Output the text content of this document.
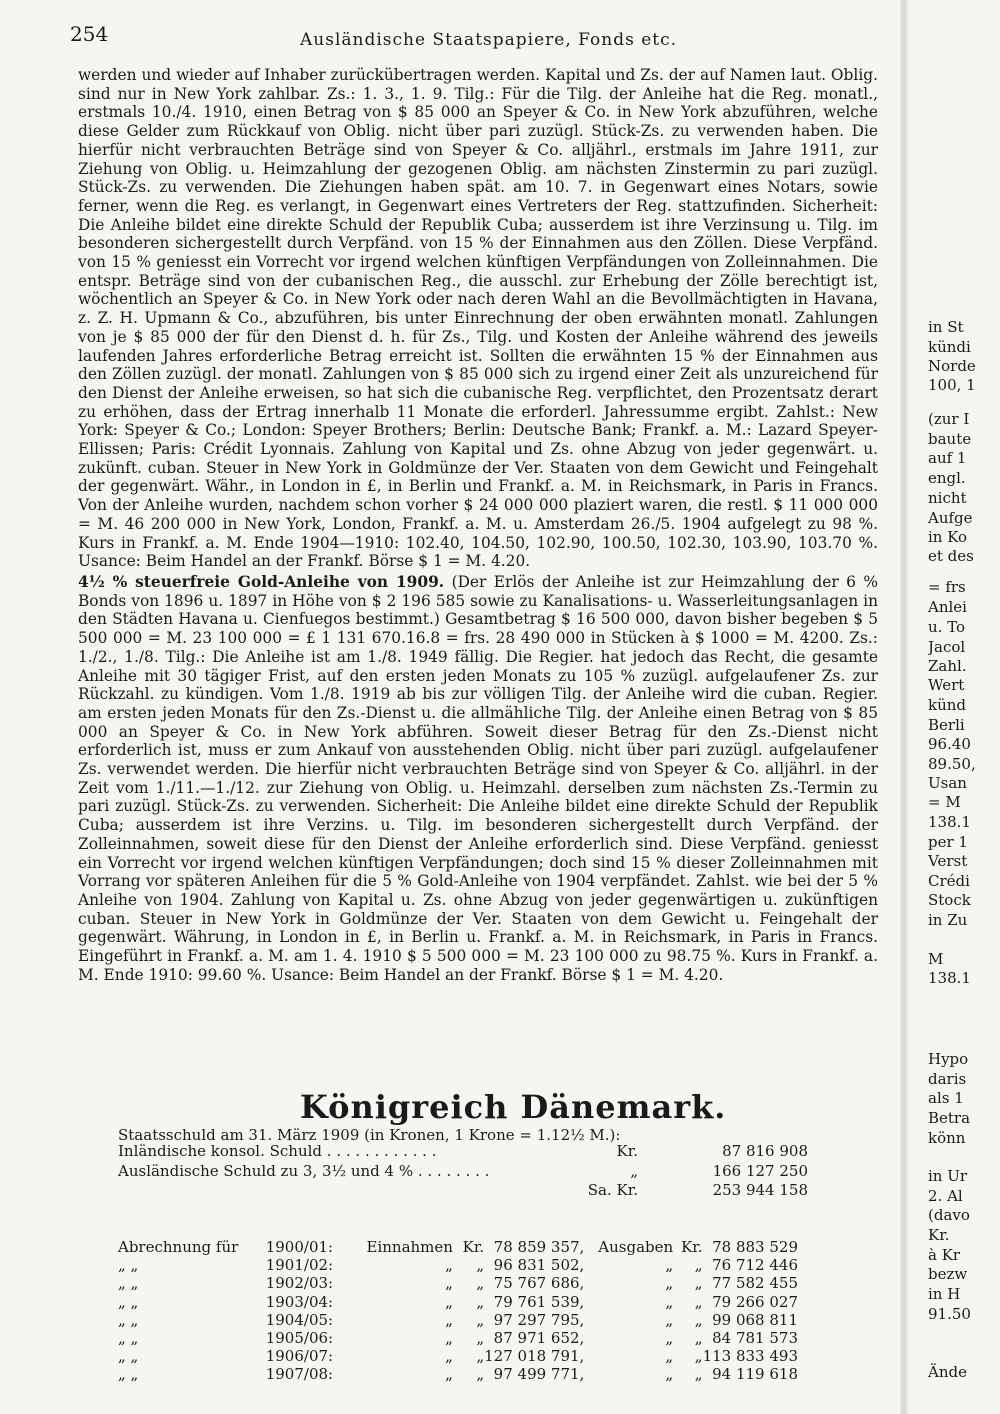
254	Ausländische Staatspapiere, Fonds etc.

werden und wieder auf Inhaber zurückübertragen werden. Kapital und Zs. der auf Namen laut. Oblig. sind nur in New York zahlbar. Zs.: 1. 3., 1. 9. Tilg.: Für die Tilg. der Anleihe hat die Reg. monatl., erstmals 10./4. 1910, einen Betrag von $ 85 000 an Speyer & Co. in New York abzuführen, welche diese Gelder zum Rückkauf von Oblig. nicht über pari zuzügl. Stück-Zs. zu verwenden haben. Die hierfür nicht verbrauchten Beträge sind von Speyer & Co. alljährl., erstmals im Jahre 1911, zur Ziehung von Oblig. u. Heimzahlung der gezogenen Oblig. am nächsten Zinstermin zu pari zuzügl. Stück-Zs. zu verwenden. Die Ziehungen haben spät. am 10. 7. in Gegenwart eines Notars, sowie ferner, wenn die Reg. es verlangt, in Gegenwart eines Vertreters der Reg. stattzufinden. Sicherheit: Die Anleihe bildet eine direkte Schuld der Republik Cuba; ausserdem ist ihre Verzinsung u. Tilg. im besonderen sichergestellt durch Verpfänd. von 15 % der Einnahmen aus den Zöllen. Diese Verpfänd. von 15 % geniesst ein Vorrecht vor irgend welchen künftigen Verpfändungen von Zolleinnahmen. Die entspr. Beträge sind von der cubanischen Reg., die ausschl. zur Erhebung der Zölle berechtigt ist, wöchentlich an Speyer & Co. in New York oder nach deren Wahl an die Bevollmächtigten in Havana, z. Z. H. Upmann & Co., abzuführen, bis unter Einrechnung der oben erwähnten monatl. Zahlungen von je $ 85 000 der für den Dienst d. h. für Zs., Tilg. und Kosten der Anleihe während des jeweils laufenden Jahres erforderliche Betrag erreicht ist. Sollten die erwähnten 15 % der Einnahmen aus den Zöllen zuzügl. der monatl. Zahlungen von $ 85 000 sich zu irgend einer Zeit als unzureichend für den Dienst der Anleihe erweisen, so hat sich die cubanische Reg. verpflichtet, den Prozentsatz derart zu erhöhen, dass der Ertrag innerhalb 11 Monate die erforderl. Jahressumme ergibt. Zahlst.: New York: Speyer & Co.; London: Speyer Brothers; Berlin: Deutsche Bank; Frankf. a. M.: Lazard Speyer-Ellissen; Paris: Crédit Lyonnais. Zahlung von Kapital und Zs. ohne Abzug von jeder gegenwärt. u. zukünft. cuban. Steuer in New York in Goldmünze der Ver. Staaten von dem Gewicht und Feingehalt der gegenwärt. Währ., in London in £, in Berlin und Frankf. a. M. in Reichsmark, in Paris in Francs. Von der Anleihe wurden, nachdem schon vorher $ 24 000 000 plaziert waren, die restl. $ 11 000 000 = M. 46 200 000 in New York, London, Frankf. a. M. u. Amsterdam 26./5. 1904 aufgelegt zu 98 %. Kurs in Frankf. a. M. Ende 1904—1910: 102.40, 104.50, 102.90, 100.50, 102.30, 103.90, 103.70 %. Usance: Beim Handel an der Frankf. Börse $ 1 = M. 4.20.

4½ % steuerfreie Gold-Anleihe von 1909. (Der Erlös der Anleihe ist zur Heimzahlung der 6 % Bonds von 1896 u. 1897 in Höhe von $ 2 196 585 sowie zu Kanalisations- u. Wasserleitungsanlagen in den Städten Havana u. Cienfuegos bestimmt.) Gesamtbetrag $ 16 500 000, davon bisher begeben $ 5 500 000 = M. 23 100 000 = £ 1 131 670.16.8 = frs. 28 490 000 in Stücken à $ 1000 = M. 4200. Zs.: 1./2., 1./8. Tilg.: Die Anleihe ist am 1./8. 1949 fällig. Die Regier. hat jedoch das Recht, die gesamte Anleihe mit 30 tägiger Frist, auf den ersten jeden Monats zu 105 % zuzügl. aufgelaufener Zs. zur Rückzahl. zu kündigen. Vom 1./8. 1919 ab bis zur völligen Tilg. der Anleihe wird die cuban. Regier. am ersten jeden Monats für den Zs.-Dienst u. die allmähliche Tilg. der Anleihe einen Betrag von $ 85 000 an Speyer & Co. in New York abführen. Soweit dieser Betrag für den Zs.-Dienst nicht erforderlich ist, muss er zum Ankauf von ausstehenden Oblig. nicht über pari zuzügl. aufgelaufener Zs. verwendet werden. Die hierfür nicht verbrauchten Beträge sind von Speyer & Co. alljährl. in der Zeit vom 1./11.—1./12. zur Ziehung von Oblig. u. Heimzahl. derselben zum nächsten Zs.-Termin zu pari zuzügl. Stück-Zs. zu verwenden. Sicherheit: Die Anleihe bildet eine direkte Schuld der Republik Cuba; ausserdem ist ihre Verzins. u. Tilg. im besonderen sichergestellt durch Verpfänd. der Zolleinnahmen, soweit diese für den Dienst der Anleihe erforderlich sind. Diese Verpfänd. geniesst ein Vorrecht vor irgend welchen künftigen Verpfändungen; doch sind 15 % dieser Zolleinnahmen mit Vorrang vor späteren Anleihen für die 5 % Gold-Anleihe von 1904 verpfändet. Zahlst. wie bei der 5 % Anleihe von 1904. Zahlung von Kapital u. Zs. ohne Abzug von jeder gegenwärtigen u. zukünftigen cuban. Steuer in New York in Goldmünze der Ver. Staaten von dem Gewicht u. Feingehalt der gegenwärt. Währung, in London in £, in Berlin u. Frankf. a. M. in Reichsmark, in Paris in Francs. Eingeführt in Frankf. a. M. am 1. 4. 1910 $ 5 500 000 = M. 23 100 000 zu 98.75 %. Kurs in Frankf. a. M. Ende 1910: 99.60 %. Usance: Beim Handel an der Frankf. Börse $ 1 = M. 4.20.

Königreich Dänemark.
Staatsschuld am 31. März 1909 (in Kronen, 1 Krone = 1.12½ M.):
Inländische konsol. Schuld . . . . . . . . . . . .	Kr.	87 816 908
Ausländische Schuld zu 3, 3½ und 4 % . . . . . . . .	„	166 127 250
	Sa. Kr.	253 944 158
Abrechnung für	1900/01:	Einnahmen	Kr.	78 859 357,	Ausgaben	Kr.	78 883 529
„ „	1901/02:	„	„	96 831 502,	„	„	76 712 446
„ „	1902/03:	„	„	75 767 686,	„	„	77 582 455
„ „	1903/04:	„	„	79 761 539,	„	„	79 266 027
„ „	1904/05:	„	„	97 297 795,	„	„	99 068 811
„ „	1905/06:	„	„	87 971 652,	„	„	84 781 573
„ „	1906/07:	„	„	127 018 791,	„	„	113 833 493
„ „	1907/08:	„	„	97 499 771,	„	„	94 119 618
in St
kündi
Norde
100, 1
(zur I
baute
auf 1
engl.
nicht
Aufge
in Ko
et des
= frs
Anlei
u. To
Jacol
Zahl.
Wert
künd
Berli
96.40
89.50,
Usan
= M
138.1
per 1
Verst
Crédi
Stock
in Zu
M
138.1
Hypo
daris
als 1
Betra
könn
in Ur
2. Al
(davo
Kr.
à Kr
bezw
in H
91.50
Ände
